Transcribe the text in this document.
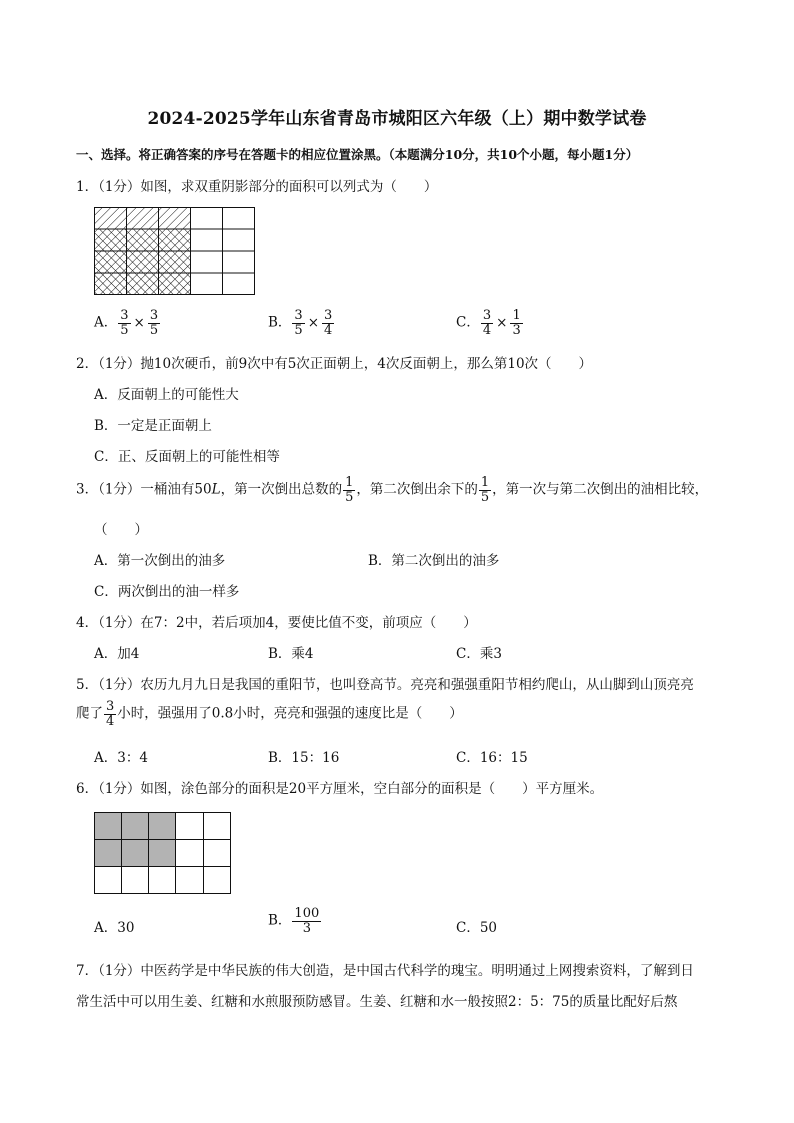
2024-2025学年山东省青岛市城阳区六年级（上）期中数学试卷
一、选择。将正确答案的序号在答题卡的相应位置涂黑。（本题满分10分，共10个小题，每小题1分）
1．（1分）如图，求双重阴影部分的面积可以列式为（　　）
A． $\frac{3}{5} \times \frac{3}{5}$	B． $\frac{3}{5} \times \frac{3}{4}$	C． $\frac{3}{4} \times \frac{1}{3}$
2．（1分）抛10次硬币，前9次中有5次正面朝上，4次反面朝上，那么第10次（　　）
A．反面朝上的可能性大
B．一定是正面朝上
C．正、反面朝上的可能性相等
3．（1分）一桶油有50L，第一次倒出总数的 $\frac{1}{5}$ ，第二次倒出余下的 $\frac{1}{5}$ ，第一次与第二次倒出的油相比较，
（　　）
A．第一次倒出的油多	B．第二次倒出的油多
C．两次倒出的油一样多
4．（1分）在7：2中，若后项加4，要使比值不变，前项应（　　）
A．加4	B．乘4	C．乘3
5．（1分）农历九月九日是我国的重阳节，也叫登高节。亮亮和强强重阳节相约爬山，从山脚到山顶亮亮
爬了 $\frac{3}{4}$ 小时，强强用了0.8小时，亮亮和强强的速度比是（　　）
A．3：4	B．15：16	C．16：15
6．（1分）如图，涂色部分的面积是20平方厘米，空白部分的面积是（　　）平方厘米。
A．30	B． $\frac{100}{3}$	C．50
7．（1分）中医药学是中华民族的伟大创造，是中国古代科学的瑰宝。明明通过上网搜索资料，了解到日
常生活中可以用生姜、红糖和水煎服预防感冒。生姜、红糖和水一般按照2：5：75的质量比配好后熬
